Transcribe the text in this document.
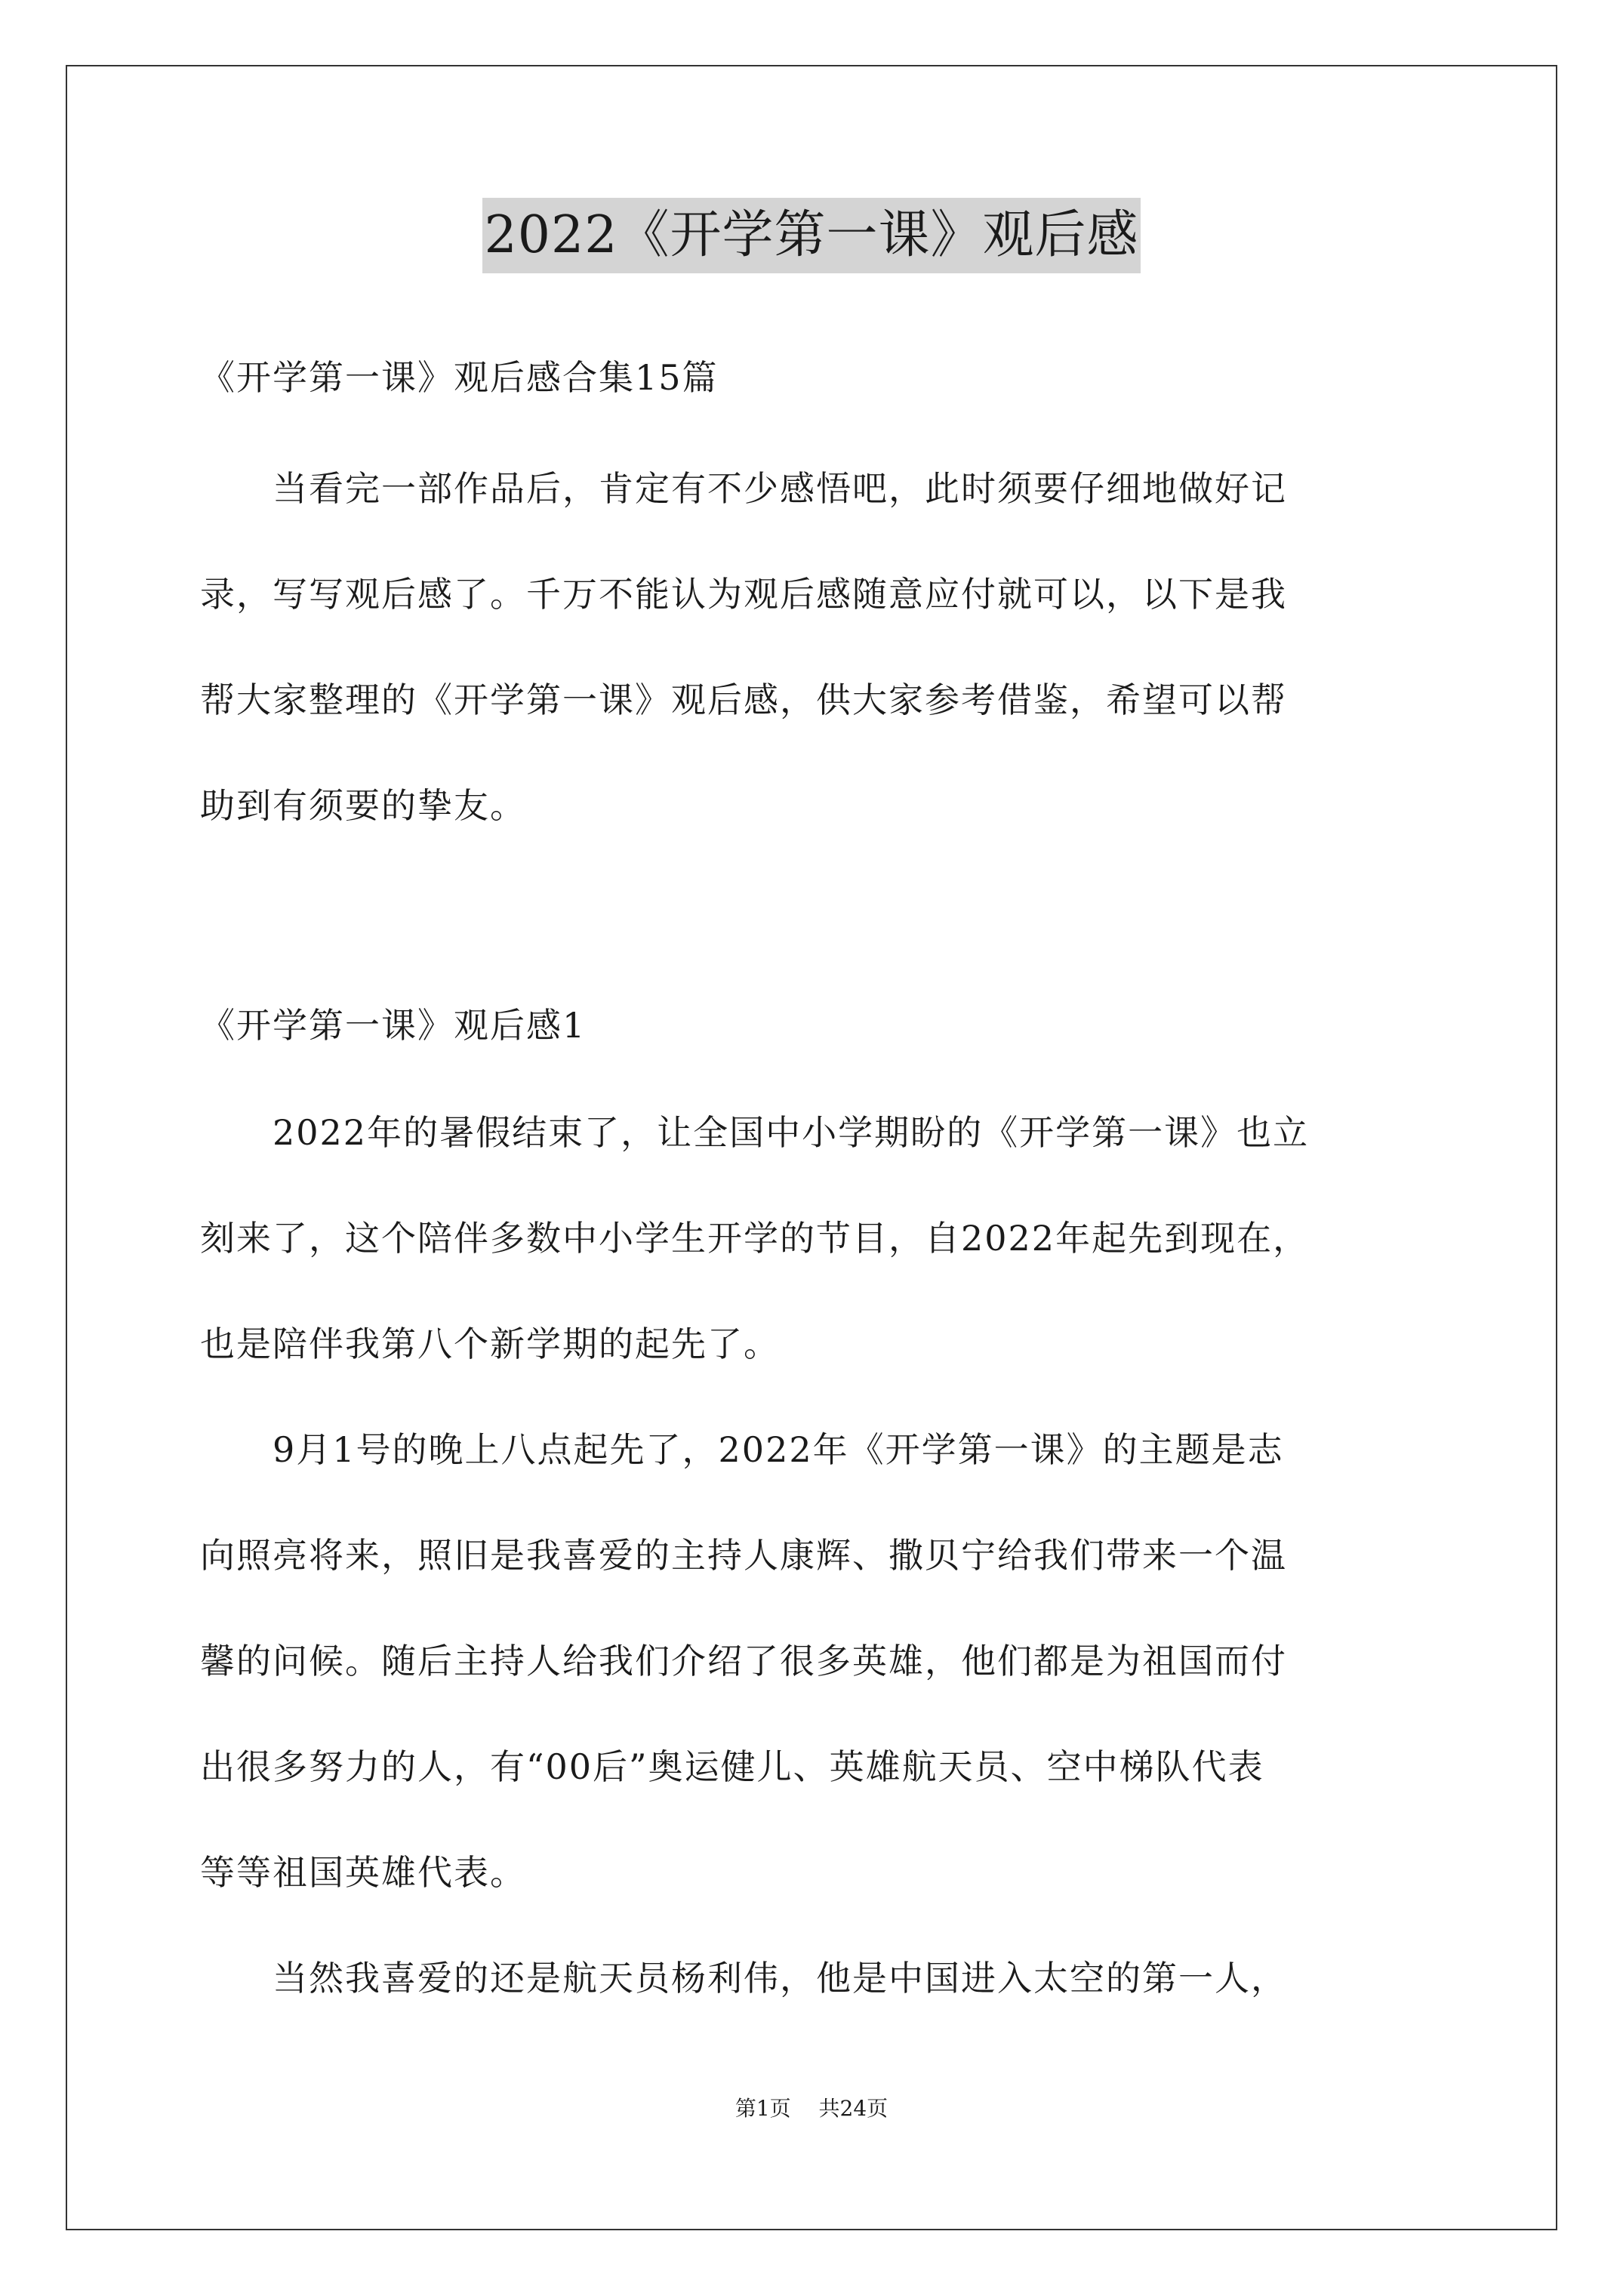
2022《开学第一课》观后感
《开学第一课》观后感合集15篇
　　当看完一部作品后，肯定有不少感悟吧，此时须要仔细地做好记
录，写写观后感了。千万不能认为观后感随意应付就可以，以下是我
帮大家整理的《开学第一课》观后感，供大家参考借鉴，希望可以帮
助到有须要的挚友。
《开学第一课》观后感1
　　2022年的暑假结束了，让全国中小学期盼的《开学第一课》也立
刻来了，这个陪伴多数中小学生开学的节目，自2022年起先到现在，
也是陪伴我第八个新学期的起先了。
　　9月1号的晚上八点起先了，2022年《开学第一课》的主题是志
向照亮将来，照旧是我喜爱的主持人康辉、撒贝宁给我们带来一个温
馨的问候。随后主持人给我们介绍了很多英雄，他们都是为祖国而付
出很多努力的人，有“00后”奥运健儿、英雄航天员、空中梯队代表
等等祖国英雄代表。
　　当然我喜爱的还是航天员杨利伟，他是中国进入太空的第一人，
第1页 共24页
